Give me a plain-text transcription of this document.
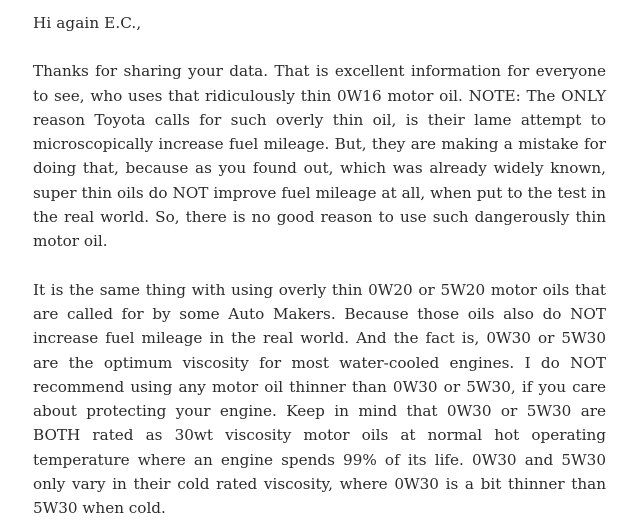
Hi again E.C.,

Thanks for sharing your data. That is excellent information for everyone to see, who uses that ridiculously thin 0W16 motor oil. NOTE: The ONLY reason Toyota calls for such overly thin oil, is their lame attempt to microscopically increase fuel mileage. But, they are making a mistake for doing that, because as you found out, which was already widely known, super thin oils do NOT improve fuel mileage at all, when put to the test in the real world. So, there is no good reason to use such dangerously thin motor oil.

It is the same thing with using overly thin 0W20 or 5W20 motor oils that are called for by some Auto Makers. Because those oils also do NOT increase fuel mileage in the real world. And the fact is, 0W30 or 5W30 are the optimum viscosity for most water-cooled engines. I do NOT recommend using any motor oil thinner than 0W30 or 5W30, if you care about protecting your engine. Keep in mind that 0W30 or 5W30 are BOTH rated as 30wt viscosity motor oils at normal hot operating temperature where an engine spends 99% of its life. 0W30 and 5W30 only vary in their cold rated viscosity, where 0W30 is a bit thinner than 5W30 when cold.
